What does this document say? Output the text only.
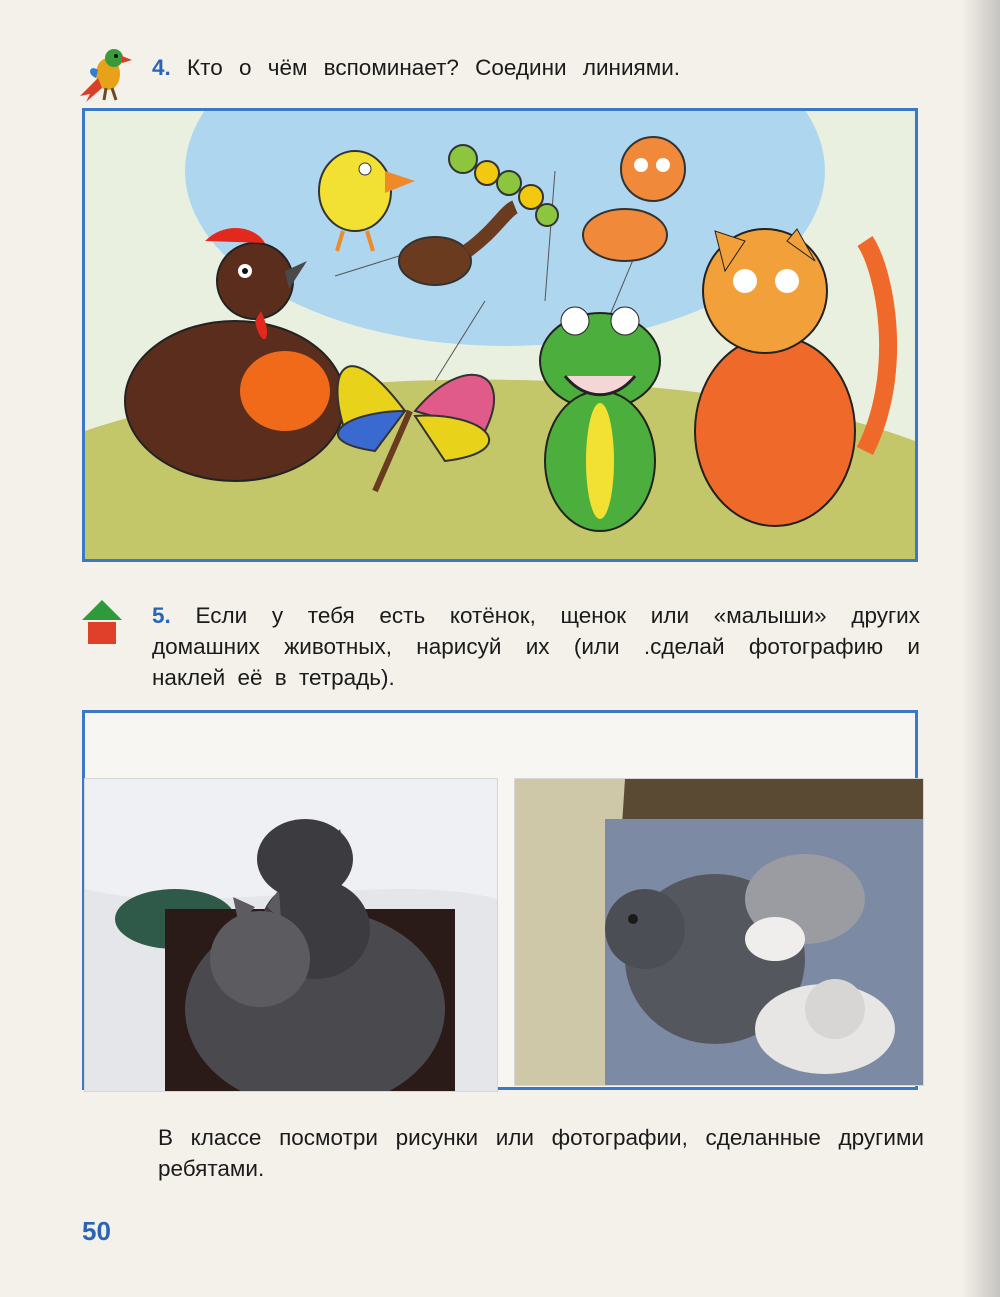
4. Кто о чём вспоминает? Соедини линиями.
5. Если у тебя есть котёнок, щенок или «малыши» других домашних животных, нарисуй их (или .сделай фотографию и наклей её в тетрадь).
В классе посмотри рисунки или фотографии, сделанные другими ребятами.
50
